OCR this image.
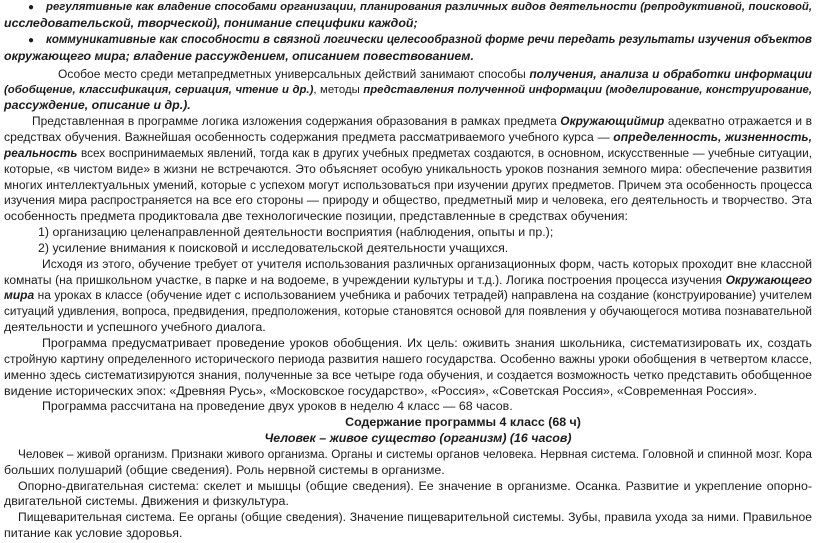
● регулятивные как владение способами организации, планирования различных видов деятельности (репродуктивной, поисковой,
исследовательской, творческой), понимание специфики каждой;
● коммуникативные как способности в связной логически целесообразной форме речи передать результаты изучения объектов
окружающего мира; владение рассуждением, описанием повествованием.
Особое место среди метапредметных универсальных действий занимают способы получения, анализа и обработки информации
(обобщение, классификация, сериация, чтение и др.), методы представления полученной информации (моделирование, конструирование,
рассуждение, описание и др.).
Представленная в программе логика изложения содержания образования в рамках предмета Окружающиймир адекватно отражается и в
средствах обучения. Важнейшая особенность содержания предмета рассматриваемого учебного курса — определенность, жизненность,
реальность всех воспринимаемых явлений, тогда как в других учебных предметах создаются, в основном, искусственные — учебные ситуации,
которые, «в чистом виде» в жизни не встречаются. Это объясняет особую уникальность уроков познания земного мира: обеспечение развития
многих интеллектуальных умений, которые с успехом могут использоваться при изучении других предметов. Причем эта особенность процесса
изучения мира распространяется на все его стороны — природу и общество, предметный мир и человека, его деятельность и творчество. Эта
особенность предмета продиктовала две технологические позиции, представленные в средствах обучения:
1) организацию целенаправленной деятельности восприятия (наблюдения, опыты и пр.);
2) усиление внимания к поисковой и исследовательской деятельности учащихся.
Исходя из этого, обучение требует от учителя использования различных организационных форм, часть которых проходит вне классной
комнаты (на пришкольном участке, в парке и на водоеме, в учреждении культуры и т.д.). Логика построения процесса изучения Окружающего
мира на уроках в классе (обучение идет с использованием учебника и рабочих тетрадей) направлена на создание (конструирование) учителем
ситуаций удивления, вопроса, предвидения, предположения, которые становятся основой для появления у обучающегося мотива познавательной
деятельности и успешного учебного диалога.
Программа предусматривает проведение уроков обобщения. Их цель: оживить знания школьника, систематизировать их, создать
стройную картину определенного исторического периода развития нашего государства. Особенно важны уроки обобщения в четвертом классе,
именно здесь систематизируются знания, полученные за все четыре года обучения, и создается возможность четко представить обобщенное
видение исторических эпох: «Древняя Русь», «Московское государство», «Россия», «Советская Россия», «Современная Россия».
Программа рассчитана на проведение двух уроков в неделю 4 класс — 68 часов.
Содержание программы 4 класс (68 ч)
Человек – живое существо (организм) (16 часов)
Человек – живой организм. Признаки живого организма. Органы и системы органов человека. Нервная система. Головной и спинной мозг. Кора
больших полушарий (общие сведения). Роль нервной системы в организме.
Опорно-двигательная система: скелет и мышцы (общие сведения). Ее значение в организме. Осанка. Развитие и укрепление опорно-
двигательной системы. Движения и физкультура.
Пищеварительная система. Ее органы (общие сведения). Значение пищеварительной системы. Зубы, правила ухода за ними. Правильное
питание как условие здоровья.
